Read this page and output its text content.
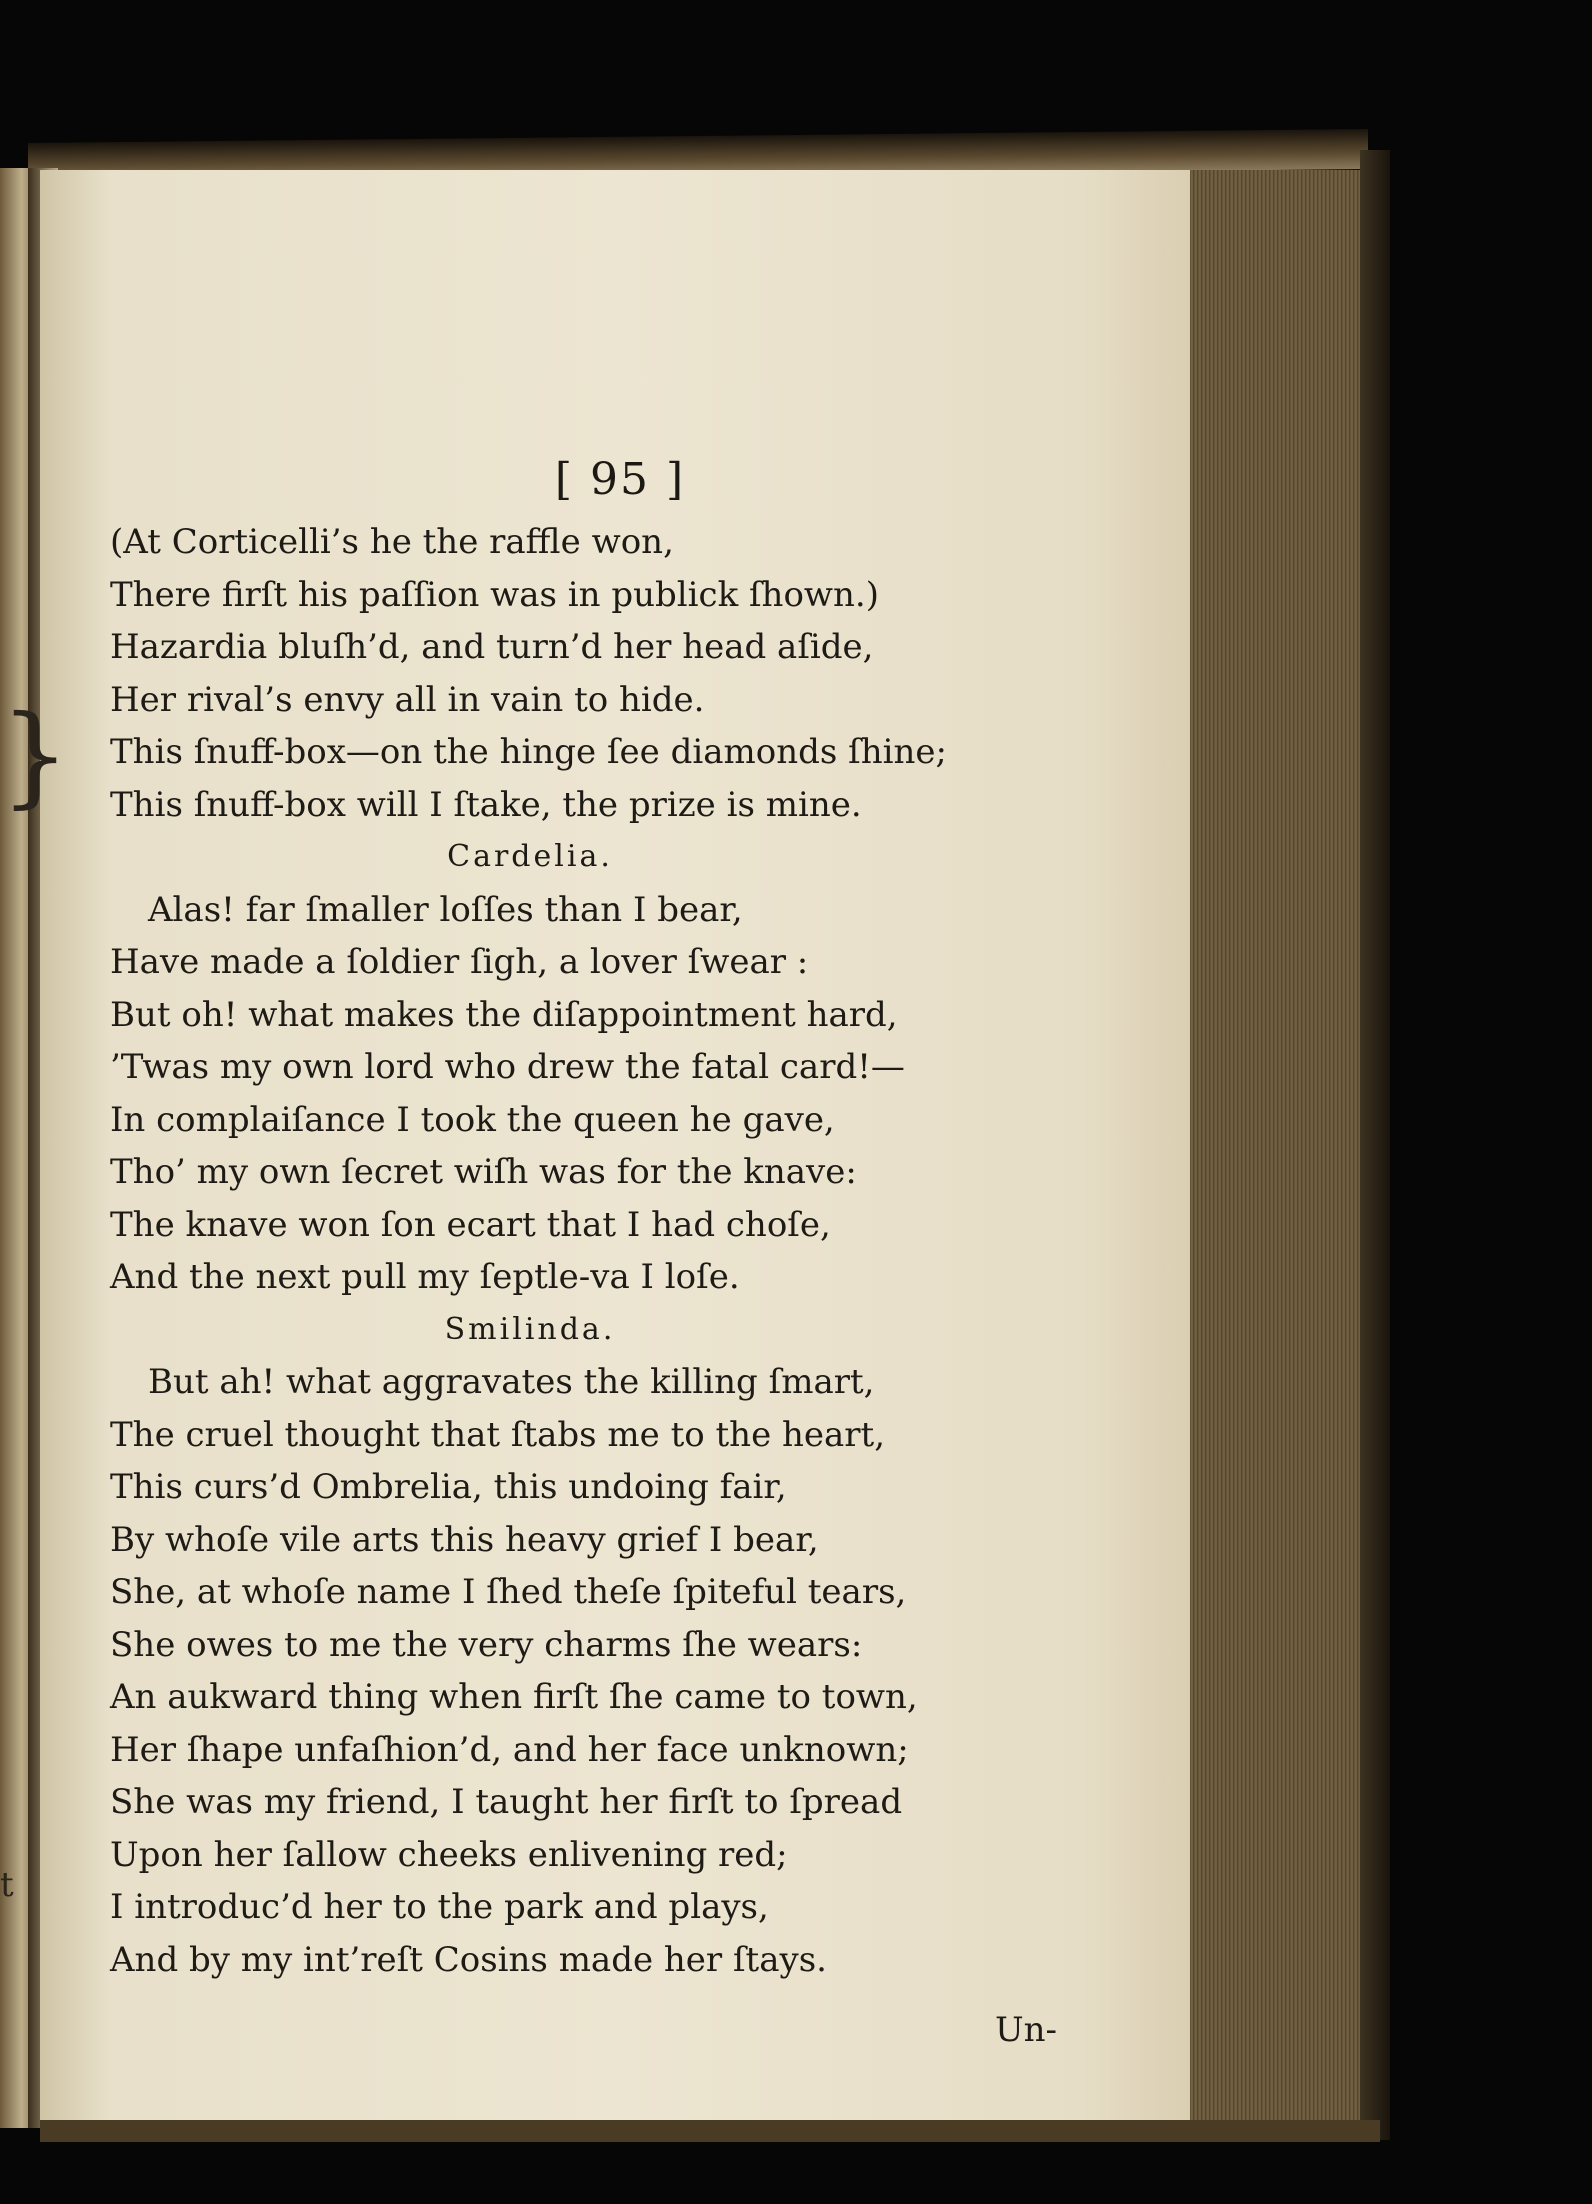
[ 95 ]
(At Corticelli’s he the raffle won,
There firſt his paſſion was in publick ſhown.)
Hazardia bluſh’d, and turn’d her head aſide,
Her rival’s envy all in vain to hide.
This ſnuff-box—on the hinge ſee diamonds ſhine;
This ſnuff-box will I ſtake, the prize is mine.
Cardelia.
Alas! far ſmaller loſſes than I bear,
Have made a ſoldier ſigh, a lover ſwear :
But oh! what makes the diſappointment hard,
’Twas my own lord who drew the fatal card!—
In complaiſance I took the queen he gave,
Tho’ my own ſecret wiſh was for the knave:
The knave won ſon ecart that I had choſe,
And the next pull my ſeptle-va I loſe.
Smilinda.
But ah! what aggravates the killing ſmart,
The cruel thought that ſtabs me to the heart,
This curs’d Ombrelia, this undoing fair,
By whoſe vile arts this heavy grief I bear,
She, at whoſe name I ſhed theſe ſpiteful tears,
She owes to me the very charms ſhe wears:
An aukward thing when firſt ſhe came to town,
Her ſhape unfaſhion’d, and her face unknown;
She was my friend, I taught her firſt to ſpread
Upon her ſallow cheeks enlivening red;
I introduc’d her to the park and plays,
And by my int’reſt Cosins made her ſtays.
Un-
}
t
